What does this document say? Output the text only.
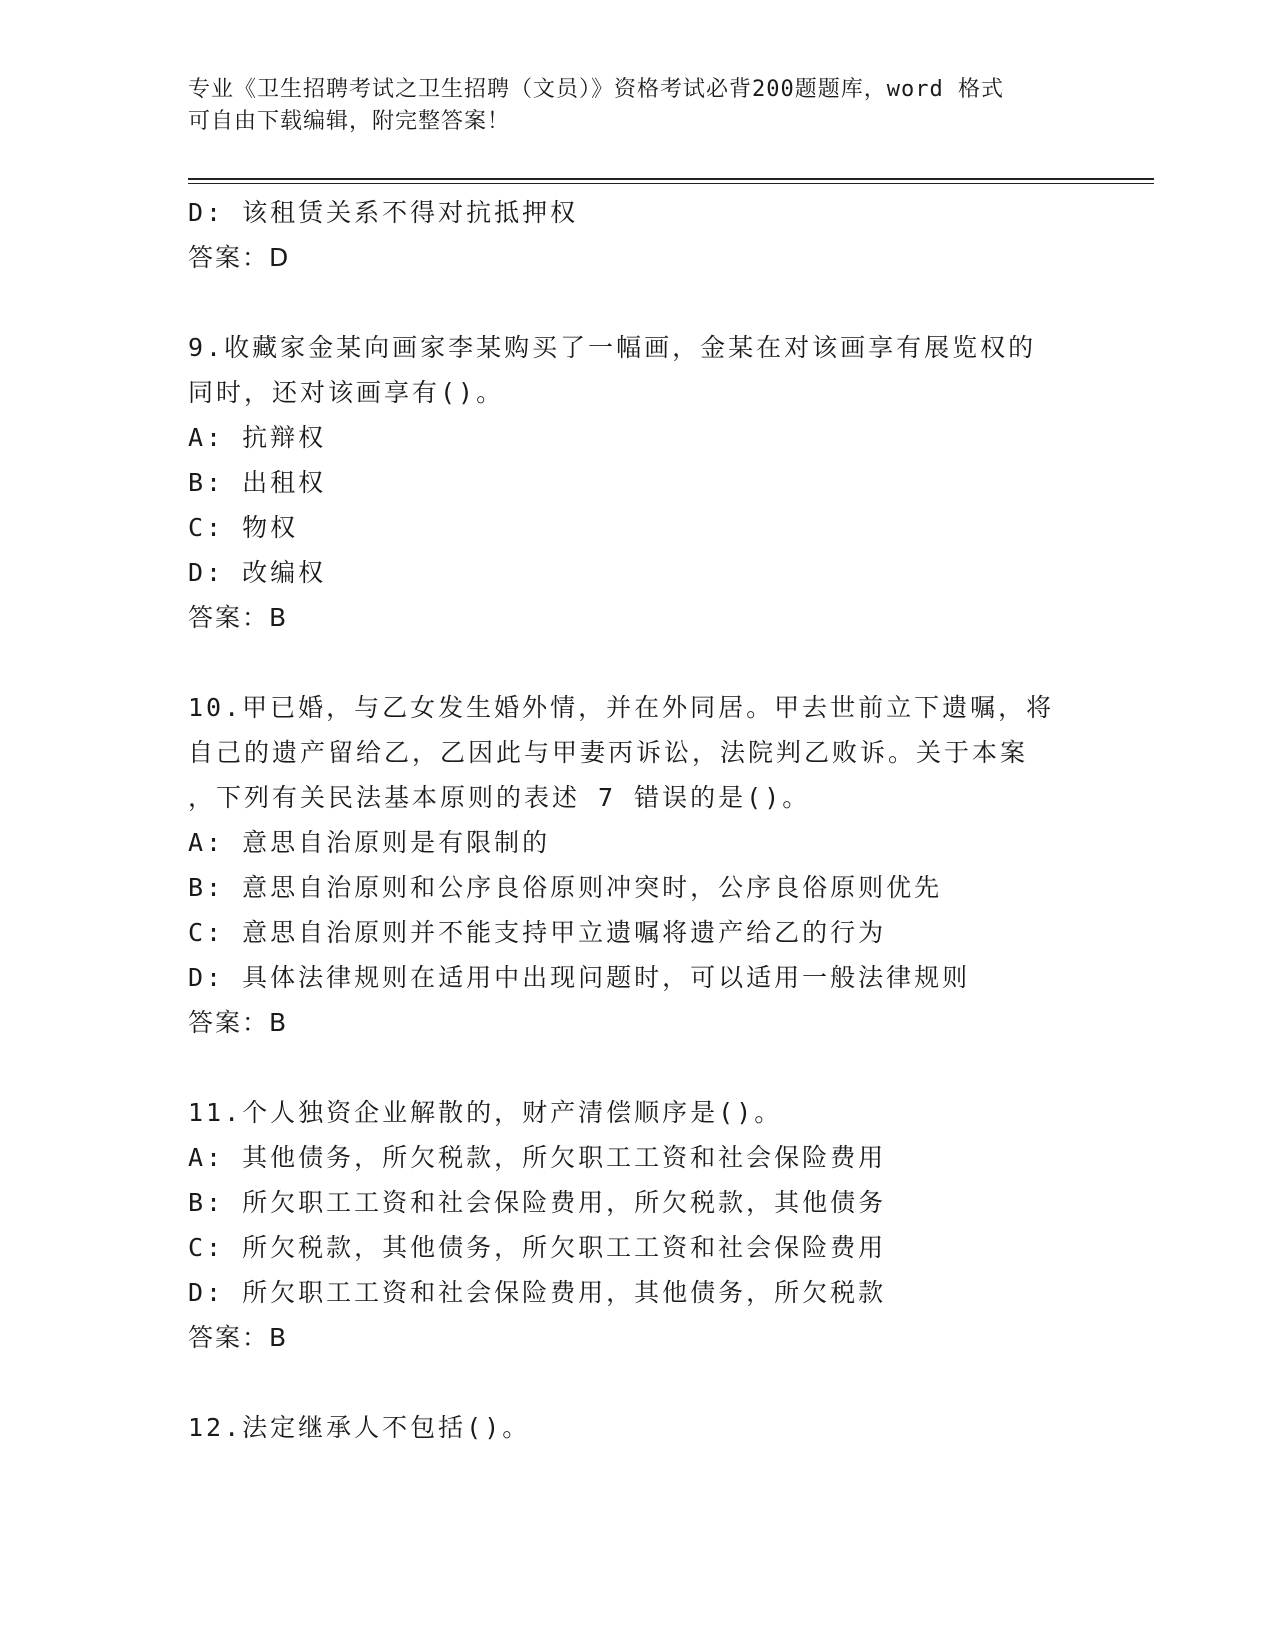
专业《卫生招聘考试之卫生招聘（文员）》资格考试必背200题题库，word 格式
可自由下载编辑，附完整答案！
D: 该租赁关系不得对抗抵押权
答案：D
9.收藏家金某向画家李某购买了一幅画，金某在对该画享有展览权的
同时，还对该画享有()。
A: 抗辩权
B: 出租权
C: 物权
D: 改编权
答案：B
10.甲已婚，与乙女发生婚外情，并在外同居。甲去世前立下遗嘱，将
自己的遗产留给乙，乙因此与甲妻丙诉讼，法院判乙败诉。关于本案
，下列有关民法基本原则的表述 7 错误的是()。
A: 意思自治原则是有限制的
B: 意思自治原则和公序良俗原则冲突时，公序良俗原则优先
C: 意思自治原则并不能支持甲立遗嘱将遗产给乙的行为
D: 具体法律规则在适用中出现问题时，可以适用一般法律规则
答案：B
11.个人独资企业解散的，财产清偿顺序是()。
A: 其他债务，所欠税款，所欠职工工资和社会保险费用
B: 所欠职工工资和社会保险费用，所欠税款，其他债务
C: 所欠税款，其他债务，所欠职工工资和社会保险费用
D: 所欠职工工资和社会保险费用，其他债务，所欠税款
答案：B
12.法定继承人不包括()。
